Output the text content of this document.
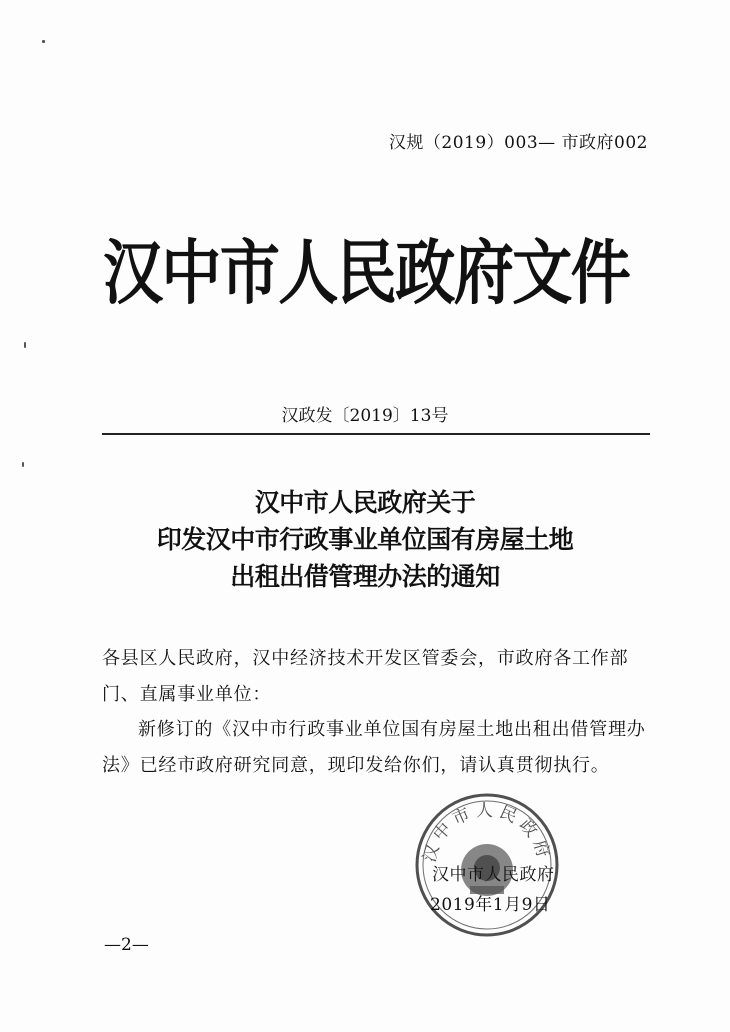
汉规（2019）003— 市政府002
汉中市人民政府文件
汉政发〔2019〕13号
汉中市人民政府关于
印发汉中市行政事业单位国有房屋土地
出租出借管理办法的通知
各县区人民政府，汉中经济技术开发区管委会，市政府各工作部门、直属事业单位：
新修订的《汉中市行政事业单位国有房屋土地出租出借管理办法》已经市政府研究同意，现印发给你们，请认真贯彻执行。
汉中市人民政府
汉中市人民政府
2019年1月9日
—2—
